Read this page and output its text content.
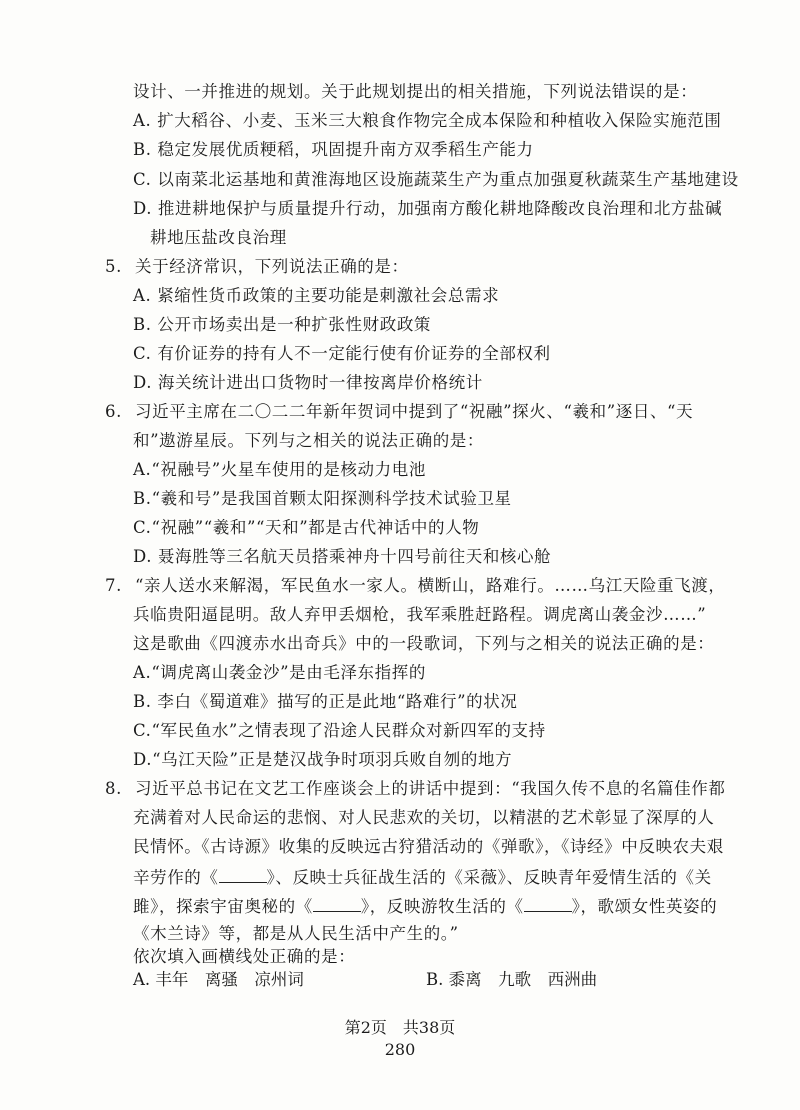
设计、一并推进的规划。关于此规划提出的相关措施，下列说法错误的是：
A. 扩大稻谷、小麦、玉米三大粮食作物完全成本保险和种植收入保险实施范围
B. 稳定发展优质粳稻，巩固提升南方双季稻生产能力
C. 以南菜北运基地和黄淮海地区设施蔬菜生产为重点加强夏秋蔬菜生产基地建设
D. 推进耕地保护与质量提升行动，加强南方酸化耕地降酸改良治理和北方盐碱
耕地压盐改良治理
5. 关于经济常识，下列说法正确的是：
A. 紧缩性货币政策的主要功能是刺激社会总需求
B. 公开市场卖出是一种扩张性财政政策
C. 有价证券的持有人不一定能行使有价证券的全部权利
D. 海关统计进出口货物时一律按离岸价格统计
6. 习近平主席在二〇二二年新年贺词中提到了“祝融”探火、“羲和”逐日、“天
和”遨游星辰。下列与之相关的说法正确的是：
A.“祝融号”火星车使用的是核动力电池
B.“羲和号”是我国首颗太阳探测科学技术试验卫星
C.“祝融”“羲和”“天和”都是古代神话中的人物
D. 聂海胜等三名航天员搭乘神舟十四号前往天和核心舱
7. “亲人送水来解渴，军民鱼水一家人。横断山，路难行。……乌江天险重飞渡，
兵临贵阳逼昆明。敌人弃甲丢烟枪，我军乘胜赶路程。调虎离山袭金沙……”
这是歌曲《四渡赤水出奇兵》中的一段歌词，下列与之相关的说法正确的是：
A.“调虎离山袭金沙”是由毛泽东指挥的
B. 李白《蜀道难》描写的正是此地“路难行”的状况
C.“军民鱼水”之情表现了沿途人民群众对新四军的支持
D.“乌江天险”正是楚汉战争时项羽兵败自刎的地方
8. 习近平总书记在文艺工作座谈会上的讲话中提到：“我国久传不息的名篇佳作都
充满着对人民命运的悲悯、对人民悲欢的关切，以精湛的艺术彰显了深厚的人
民情怀。《古诗源》收集的反映远古狩猎活动的《弹歌》，《诗经》中反映农夫艰
辛劳作的《	》、反映士兵征战生活的《采薇》、反映青年爱情生活的《关
雎》，探索宇宙奥秘的《	》，反映游牧生活的《	》，歌颂女性英姿的
《木兰诗》等，都是从人民生活中产生的。”
依次填入画横线处正确的是：
A. 丰年　离骚　凉州词	B. 黍离　九歌　西洲曲
第2页　共38页
280
